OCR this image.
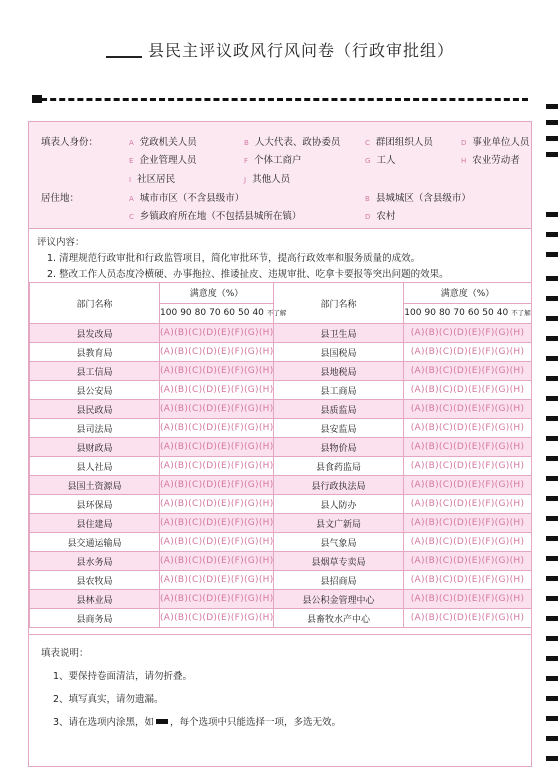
县民主评议政风行风问卷（行政审批组）
填表人身份：	A 党政机关人员	B 人大代表、政协委员	C 群团组织人员	D 事业单位人员
E 企业管理人员	F 个体工商户	G 工人	H 农业劳动者
I 社区居民	J 其他人员
居住地：	A 城市市区（不含县级市）	B 县城城区（含县级市）
C 乡镇政府所在地（不包括县城所在镇）	D 农村
评议内容：
1. 清理规范行政审批和行政监管项目，简化审批环节，提高行政效率和服务质量的成效。
2. 整改工作人员态度冷横硬、办事拖拉、推诿扯皮、违规审批、吃拿卡要报等突出问题的效果。
部门名称	满意度（%）	部门名称	满意度（%）
	100 90 80 70 60 50 40 不了解		100 90 80 70 60 50 40 不了解
县发改局	(A)(B)(C)(D)(E)(F)(G)(H)	县卫生局	(A)(B)(C)(D)(E)(F)(G)(H)
县教育局	(A)(B)(C)(D)(E)(F)(G)(H)	县国税局	(A)(B)(C)(D)(E)(F)(G)(H)
县工信局	(A)(B)(C)(D)(E)(F)(G)(H)	县地税局	(A)(B)(C)(D)(E)(F)(G)(H)
县公安局	(A)(B)(C)(D)(E)(F)(G)(H)	县工商局	(A)(B)(C)(D)(E)(F)(G)(H)
县民政局	(A)(B)(C)(D)(E)(F)(G)(H)	县质监局	(A)(B)(C)(D)(E)(F)(G)(H)
县司法局	(A)(B)(C)(D)(E)(F)(G)(H)	县安监局	(A)(B)(C)(D)(E)(F)(G)(H)
县财政局	(A)(B)(C)(D)(E)(F)(G)(H)	县物价局	(A)(B)(C)(D)(E)(F)(G)(H)
县人社局	(A)(B)(C)(D)(E)(F)(G)(H)	县食药监局	(A)(B)(C)(D)(E)(F)(G)(H)
县国土资源局	(A)(B)(C)(D)(E)(F)(G)(H)	县行政执法局	(A)(B)(C)(D)(E)(F)(G)(H)
县环保局	(A)(B)(C)(D)(E)(F)(G)(H)	县人防办	(A)(B)(C)(D)(E)(F)(G)(H)
县住建局	(A)(B)(C)(D)(E)(F)(G)(H)	县文广新局	(A)(B)(C)(D)(E)(F)(G)(H)
县交通运输局	(A)(B)(C)(D)(E)(F)(G)(H)	县气象局	(A)(B)(C)(D)(E)(F)(G)(H)
县水务局	(A)(B)(C)(D)(E)(F)(G)(H)	县烟草专卖局	(A)(B)(C)(D)(E)(F)(G)(H)
县农牧局	(A)(B)(C)(D)(E)(F)(G)(H)	县招商局	(A)(B)(C)(D)(E)(F)(G)(H)
县林业局	(A)(B)(C)(D)(E)(F)(G)(H)	县公积金管理中心	(A)(B)(C)(D)(E)(F)(G)(H)
县商务局	(A)(B)(C)(D)(E)(F)(G)(H)	县畜牧水产中心	(A)(B)(C)(D)(E)(F)(G)(H)
填表说明：
1、要保持卷面清洁，请勿折叠。
2、填写真实，请勿遗漏。
3、请在选项内涂黑，如 ，每个选项中只能选择一项，多选无效。
